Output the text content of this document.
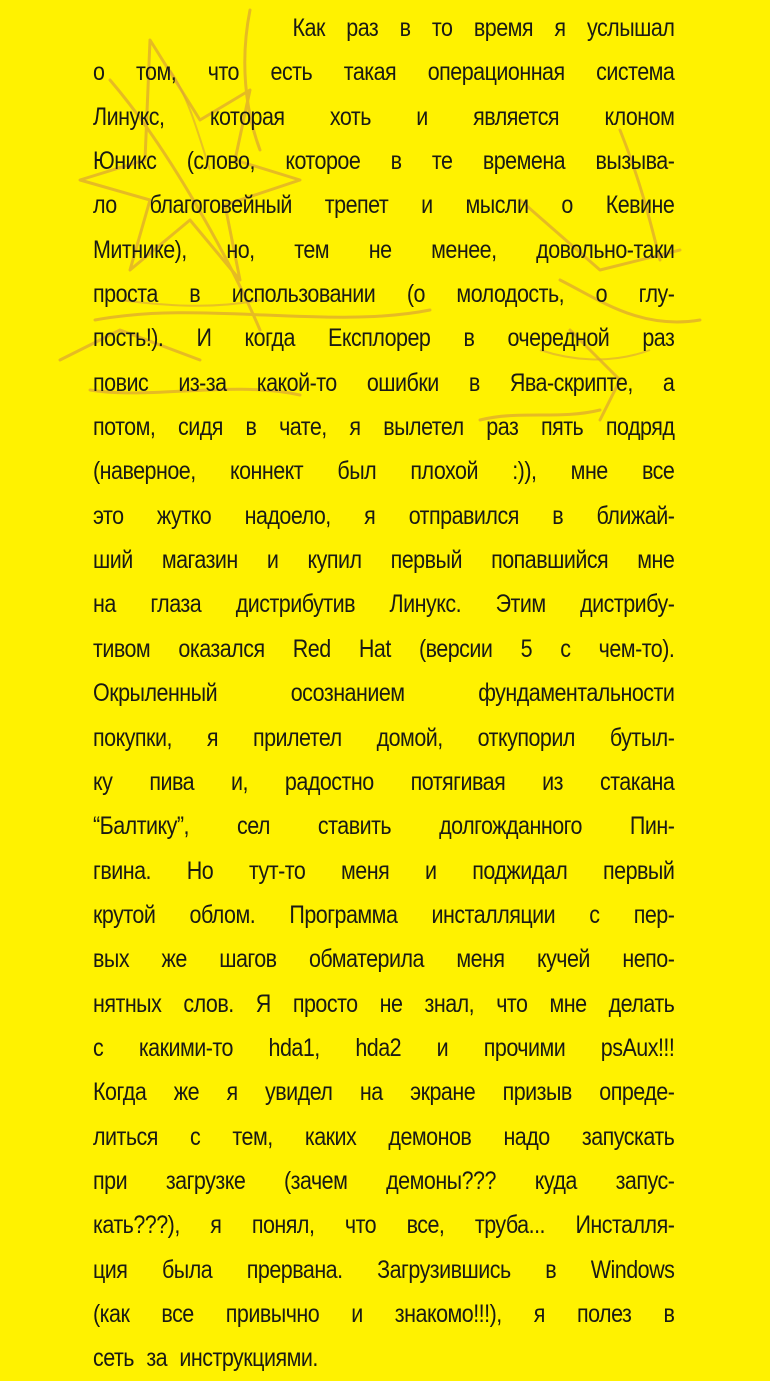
Как раз в то время я услышал
о том, что есть такая операционная система
Линукс, которая хоть и является клоном
Юникс (слово, которое в те времена вызыва-
ло благоговейный трепет и мысли о Кевине
Митнике), но, тем не менее, довольно-таки
проста в использовании (о молодость, о глу-
пость!). И когда Експлорер в очередной раз
повис из-за какой-то ошибки в Ява-скрипте, а
потом, сидя в чате, я вылетел раз пять подряд
(наверное, коннект был плохой :)), мне все
это жутко надоело, я отправился в ближай-
ший магазин и купил первый попавшийся мне
на глаза дистрибутив Линукс. Этим дистрибу-
тивом оказался Red Hat (версии 5 с чем-то).
Окрыленный осознанием фундаментальности
покупки, я прилетел домой, откупорил бутыл-
ку пива и, радостно потягивая из стакана
“Балтику”, сел ставить долгожданного Пин-
гвина. Но тут-то меня и поджидал первый
крутой облом. Программа инсталляции с пер-
вых же шагов обматерила меня кучей непо-
нятных слов. Я просто не знал, что мне делать
с какими-то hda1, hda2 и прочими psAux!!!
Когда же я увидел на экране призыв опреде-
литься с тем, каких демонов надо запускать
при загрузке (зачем демоны??? куда запус-
кать???), я понял, что все, труба... Инсталля-
ция была прервана. Загрузившись в Windows
(как все привычно и знакомо!!!), я полез в
сеть за инструкциями.
